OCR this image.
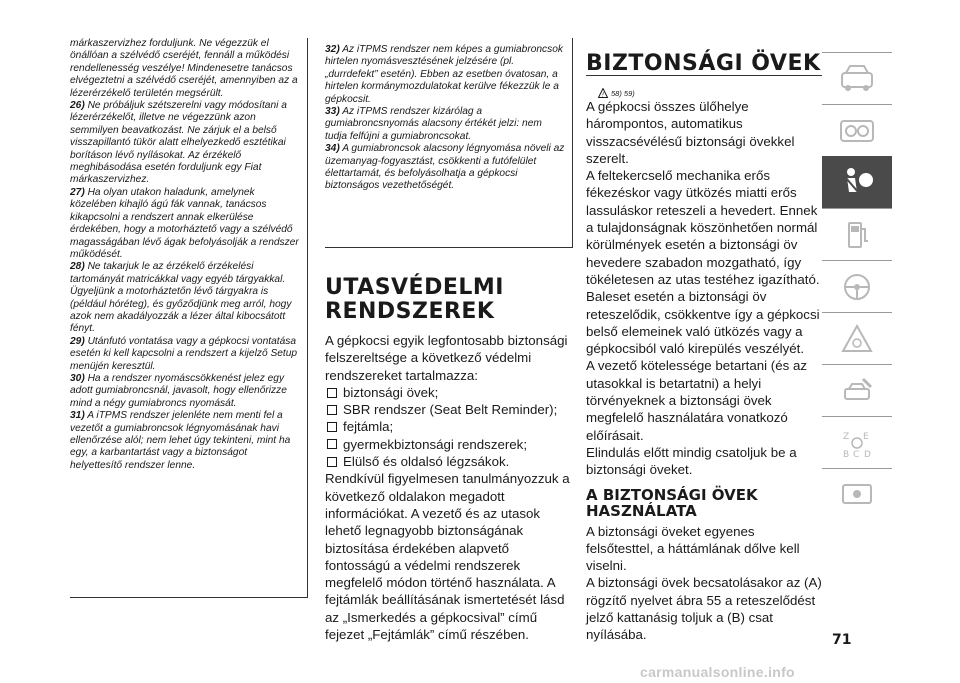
márkaszervizhez forduljunk. Ne végezzük el önállóan a szélvédő cseréjét, fennáll a működési rendellenesség veszélye! Mindenesetre tanácsos elvégeztetni a szélvédő cseréjét, amennyiben az a lézerérzékelő területén megsérült.

26) Ne próbáljuk szétszerelni vagy módosítani a lézerérzékelőt, illetve ne végezzünk azon semmilyen beavatkozást. Ne zárjuk el a belső visszapillantó tükör alatt elhelyezkedő esztétikai borításon lévő nyílásokat. Az érzékelő meghibásodása esetén forduljunk egy Fiat márkaszervizhez.

27) Ha olyan utakon haladunk, amelynek közelében kihajló ágú fák vannak, tanácsos kikapcsolni a rendszert annak elkerülése érdekében, hogy a motorháztető vagy a szélvédő magasságában lévő ágak befolyásolják a rendszer működését.

28) Ne takarjuk le az érzékelő érzékelési tartományát matricákkal vagy egyéb tárgyakkal. Ügyeljünk a motorháztetőn lévő tárgyakra is (például hóréteg), és győződjünk meg arról, hogy azok nem akadályozzák a lézer által kibocsátott fényt.

29) Utánfutó vontatása vagy a gépkocsi vontatása esetén ki kell kapcsolni a rendszert a kijelző Setup menüjén keresztül.

30) Ha a rendszer nyomáscsökkenést jelez egy adott gumiabroncsnál, javasolt, hogy ellenőrizze mind a négy gumiabroncs nyomását.

31) A iTPMS rendszer jelenléte nem menti fel a vezetőt a gumiabroncsok légnyomásának havi ellenőrzése alól; nem lehet úgy tekinteni, mint ha egy, a karbantartást vagy a biztonságot helyettesítő rendszer lenne.

32) Az iTPMS rendszer nem képes a gumiabroncsok hirtelen nyomásvesztésének jelzésére (pl. „durrdefekt” esetén). Ebben az esetben óvatosan, a hirtelen kormánymozdulatokat kerülve fékezzük le a gépkocsit.

33) Az iTPMS rendszer kizárólag a gumiabroncsnyomás alacsony értékét jelzi: nem tudja felfújni a gumiabroncsokat.

34) A gumiabroncsok alacsony légnyomása növeli az üzemanyag-fogyasztást, csökkenti a futófelület élettartamát, és befolyásolhatja a gépkocsi biztonságos vezethetőségét.

UTASVÉDELMI RENDSZEREK
A gépkocsi egyik legfontosabb biztonsági felszereltsége a következő védelmi rendszereket tartalmazza:
biztonsági övek;
SBR rendszer (Seat Belt Reminder);
fejtámla;
gyermekbiztonsági rendszerek;
Elülső és oldalsó légzsákok.
Rendkívül figyelmesen tanulmányozzuk a következő oldalakon megadott információkat. A vezető és az utasok lehető legnagyobb biztonságának biztosítása érdekében alapvető fontosságú a védelmi rendszerek megfelelő módon történő használata. A fejtámlák beállításának ismertetését lásd az „Ismerkedés a gépkocsival” című fejezet „Fejtámlák” című részében.
BIZTONSÁGI ÖVEK
! 58) 59)
A gépkocsi összes ülőhelye hárompontos, automatikus visszacsévélésű biztonsági övekkel szerelt.
A feltekercselő mechanika erős fékezéskor vagy ütközés miatti erős lassuláskor reteszeli a hevedert. Ennek a tulajdonságnak köszönhetően normál körülmények esetén a biztonsági öv hevedere szabadon mozgatható, így tökéletesen az utas testéhez igazítható. Baleset esetén a biztonsági öv reteszelődik, csökkentve így a gépkocsi belső elemeinek való ütközés vagy a gépkocsiból való kirepülés veszélyét.
A vezető kötelessége betartani (és az utasokkal is betartatni) a helyi törvényeknek a biztonsági övek megfelelő használatára vonatkozó előírásait.
Elindulás előtt mindig csatoljuk be a biztonsági öveket.
A BIZTONSÁGI ÖVEK HASZNÁLATA
A biztonsági öveket egyenes felsőtesttel, a háttámlának dőlve kell viselni.
A biztonsági övek becsatolásakor az (A) rögzítő nyelvet ábra 55 a reteszelődést jelző kattanásig toljuk a (B) csat nyílásába.
Z E
B C D
71
carmanualsonline.info
